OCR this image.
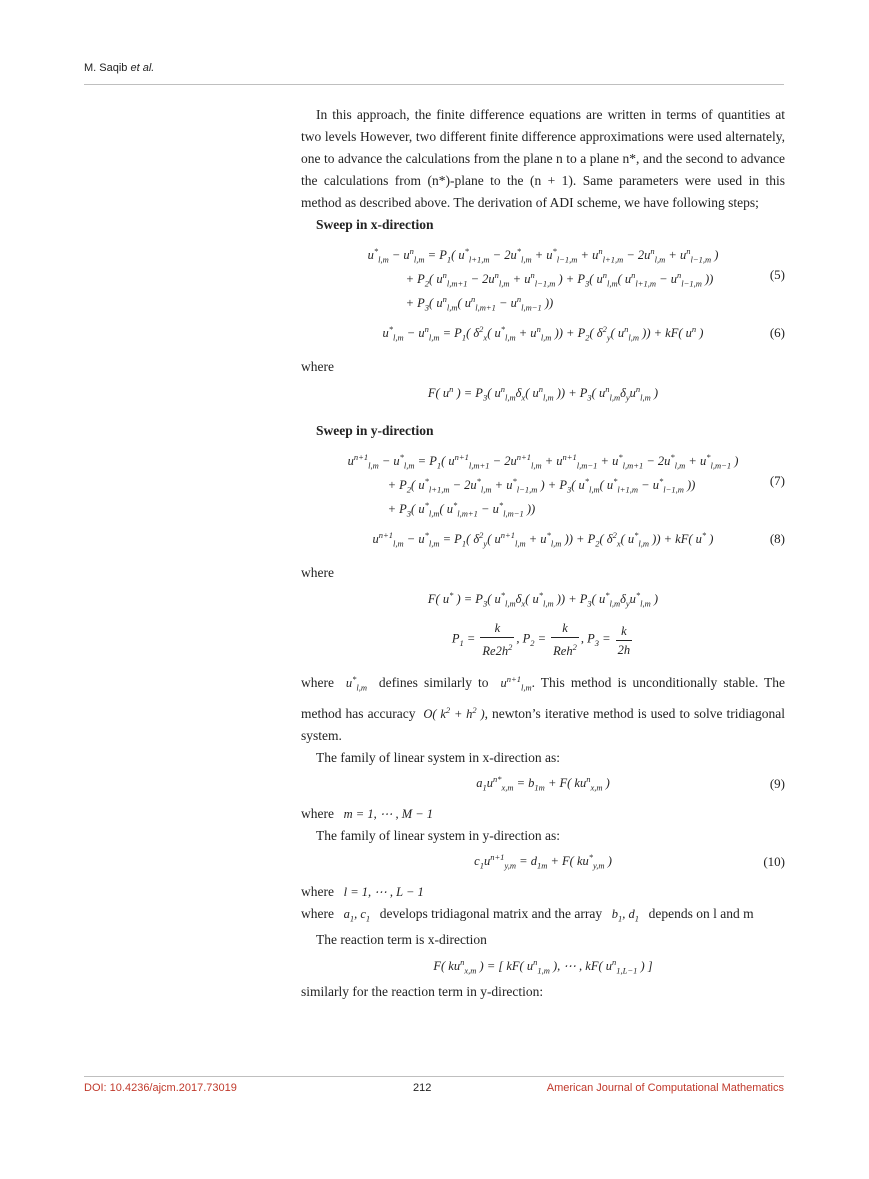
M. Saqib et al.

In this approach, the finite difference equations are written in terms of quantities at two levels However, two different finite difference approximations were used alternately, one to advance the calculations from the plane n to a plane n*, and the second to advance the calculations from (n*)-plane to the (n + 1). Same parameters were used in this method as described above. The derivation of ADI scheme, we have following steps;

Sweep in x-direction

$u^*_{l,m} - u^n_{l,m} = P_1$( $u^*_{l+1,m} - 2u^*_{l,m} + u^*_{l-1,m} + u^n_{l+1,m} - 2u^n_{l,m} + u^n_{l-1,m}$ )
+ $P_2$( $u^n_{l,m+1} - 2u^n_{l,m} + u^n_{l-1,m}$ ) + $P_3$( $u^n_{l,m}$( $u^n_{l+1,m} - u^n_{l-1,m}$ ))
+ $P_3$( $u^n_{l,m}$( $u^n_{l,m+1} - u^n_{l,m-1}$ ))
(5)
$u^*_{l,m} - u^n_{l,m} = P_1$( $\delta^2_x$( $u^*_{l,m} + u^n_{l,m}$ )) + $P_2$( $\delta^2_y$( $u^n_{l,m}$ )) + kF( $u^n$ )	(6)

where

F( $u^n$ ) = $P_3$( $u^n_{l,m}\delta_x$( $u^n_{l,m}$ )) + $P_3$( $u^n_{l,m}\delta_yu^n_{l,m}$ )

Sweep in y-direction

$u^{n+1}_{l,m} - u^*_{l,m} = P_1$( $u^{n+1}_{l,m+1} - 2u^{n+1}_{l,m} + u^{n+1}_{l,m-1} + u^*_{l,m+1} - 2u^*_{l,m} + u^*_{l,m-1}$ )
+ $P_2$( $u^*_{l+1,m} - 2u^*_{l,m} + u^*_{l-1,m}$ ) + $P_3$( $u^*_{l,m}$( $u^*_{l+1,m} - u^*_{l-1,m}$ ))
+ $P_3$( $u^*_{l,m}$( $u^*_{l,m+1} - u^*_{l,m-1}$ ))
(7)
$u^{n+1}_{l,m} - u^*_{l,m} = P_1$( $\delta^2_y$( $u^{n+1}_{l,m} + u^*_{l,m}$ )) + $P_2$( $\delta^2_x$( $u^*_{l,m}$ )) + kF( u* )	(8)

where

F( u* ) = $P_3$( $u^*_{l,m}\delta_x$( $u^*_{l,m}$ )) + $P_3$( $u^*_{l,m}\delta_yu^*_{l,m}$ )
$P_1 = \frac{k}{Re2h^2}$ , $P_2 = \frac{k}{Reh^2}$ , $P_3 = \frac{k}{2h}$

where  $u^*_{l,m}$ defines similarly to  $u^{n+1}_{l,m}$. This method is unconditionally stable. The method has accuracy  O( $k^2 + h^2$ ), newton’s iterative method is used to solve tridiagonal system.

The family of linear system in x-direction as:

$a_1u^{n*}_{x,m} = b_{1m} + F$( $ku^n_{x,m}$ )	(9)

where   m = 1, ⋯ , M − 1

The family of linear system in y-direction as:

$c_1u^{n+1}_{y,m} = d_{1m} + F$( $ku^*_{y,m}$ )	(10)

where   l = 1, ⋯ , L − 1

where   $a_1$, $c_1$ develops tridiagonal matrix and the array   $b_1$, $d_1$ depends on l and m

The reaction term is x-direction

F( $ku^n_{x,m}$ ) = [ kF( $u^n_{1,m}$ ), ⋯ , kF( $u^n_{1,L-1}$ ) ]

similarly for the reaction term in y-direction:

DOI: 10.4236/ajcm.2017.73019	212	American Journal of Computational Mathematics
